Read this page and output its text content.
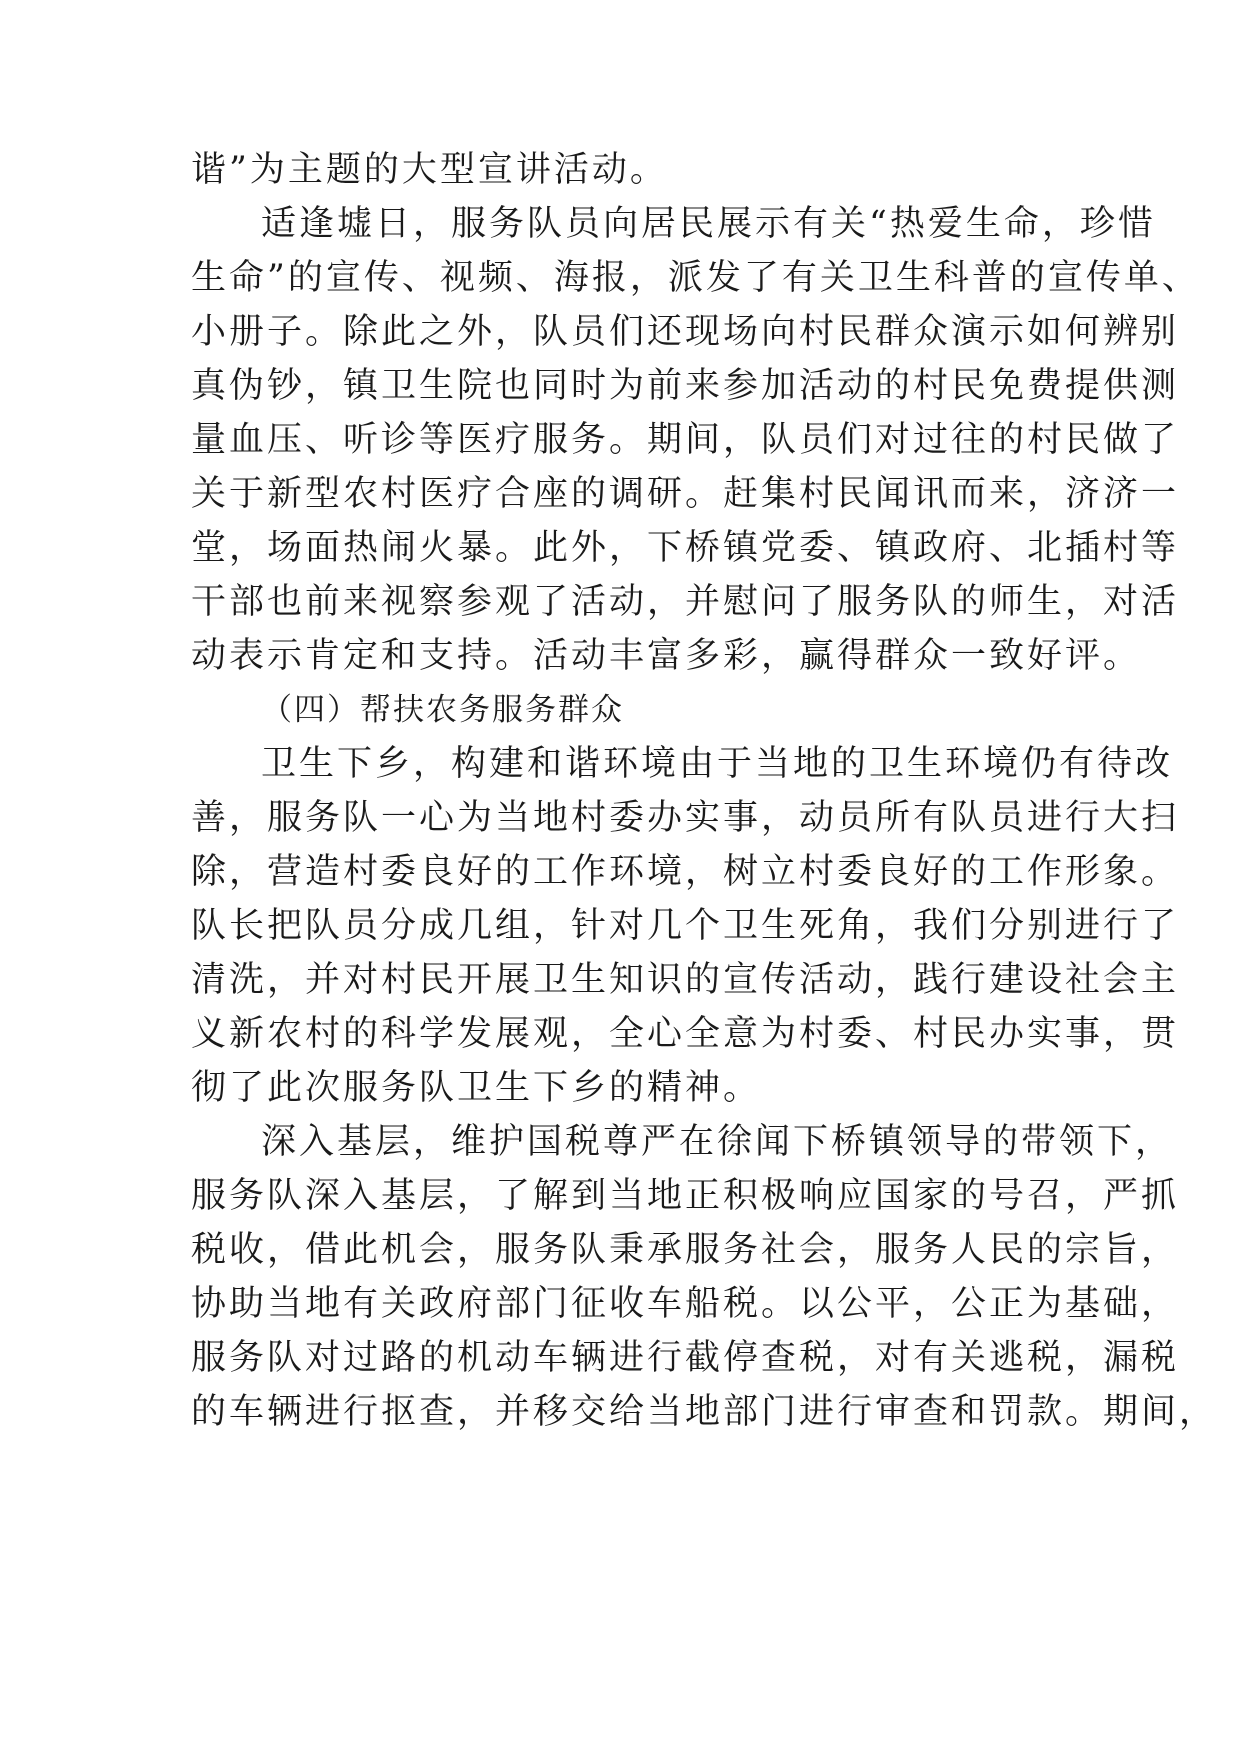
谐”为主题的大型宣讲活动。
适逢墟日，服务队员向居民展示有关“热爱生命，珍惜
生命”的宣传、视频、海报，派发了有关卫生科普的宣传单、
小册子。除此之外，队员们还现场向村民群众演示如何辨别
真伪钞，镇卫生院也同时为前来参加活动的村民免费提供测
量血压、听诊等医疗服务。期间，队员们对过往的村民做了
关于新型农村医疗合座的调研。赶集村民闻讯而来，济济一
堂，场面热闹火暴。此外，下桥镇党委、镇政府、北插村等
干部也前来视察参观了活动，并慰问了服务队的师生，对活
动表示肯定和支持。活动丰富多彩，赢得群众一致好评。
（四）帮扶农务服务群众
卫生下乡，构建和谐环境由于当地的卫生环境仍有待改
善，服务队一心为当地村委办实事，动员所有队员进行大扫
除，营造村委良好的工作环境，树立村委良好的工作形象。
队长把队员分成几组，针对几个卫生死角，我们分别进行了
清洗，并对村民开展卫生知识的宣传活动，践行建设社会主
义新农村的科学发展观，全心全意为村委、村民办实事，贯
彻了此次服务队卫生下乡的精神。
深入基层，维护国税尊严在徐闻下桥镇领导的带领下，
服务队深入基层，了解到当地正积极响应国家的号召，严抓
税收，借此机会，服务队秉承服务社会，服务人民的宗旨，
协助当地有关政府部门征收车船税。以公平，公正为基础，
服务队对过路的机动车辆进行截停查税，对有关逃税，漏税
的车辆进行抠查，并移交给当地部门进行审查和罚款。期间，
